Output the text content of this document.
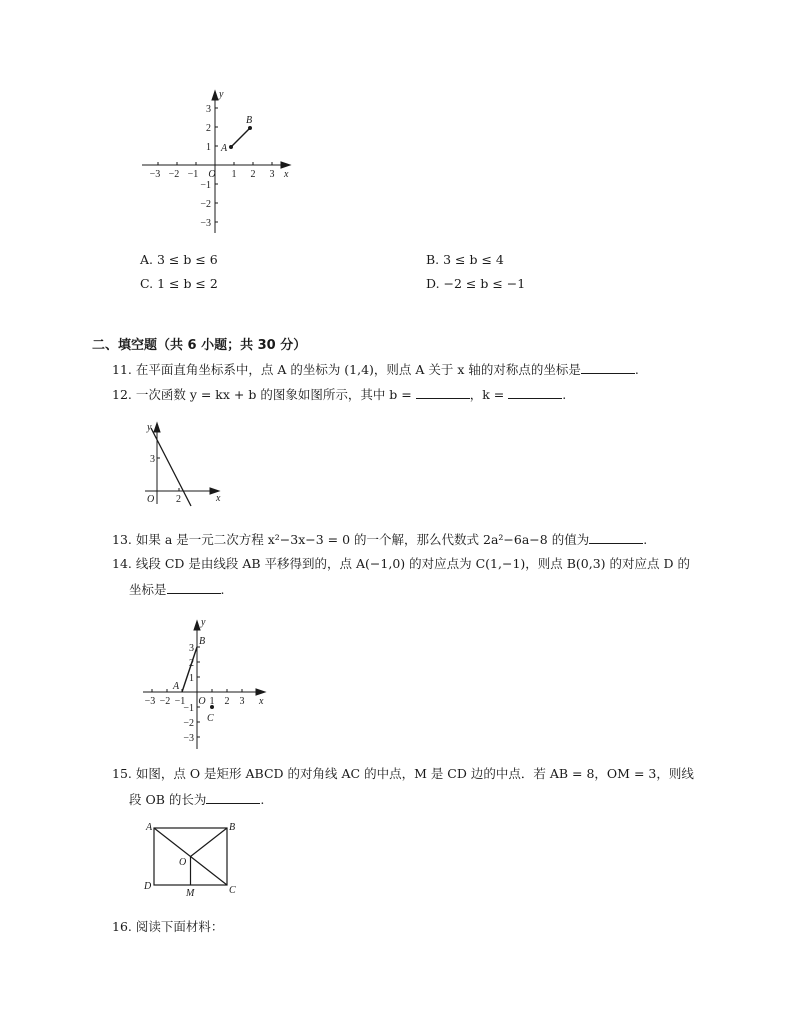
3
2
1
−1
−2
−3
−3 −2 −1	1 2 3
O	x
y
A
B
A. 3 ≤ b ≤ 6	B. 3 ≤ b ≤ 4
C. 1 ≤ b ≤ 2	D. −2 ≤ b ≤ −1
二、填空题（共 6 小题；共 30 分）
11. 在平面直角坐标系中，点 A 的坐标为 (1,4)，则点 A 关于 x 轴的对称点的坐标是	.
12. 一次函数 y = kx + b 的图象如图所示，其中 b =	，k =	.
y
x
3
2
O
13. 如果 a 是一元二次方程 x²−3x−3 = 0 的一个解，那么代数式 2a²−6a−8 的值为	.
14. 线段 CD 是由线段 AB 平移得到的，点 A(−1,0) 的对应点为 C(1,−1)，则点 B(0,3) 的对应点 D 的
坐标是	.
3
2
1
−1
−2
−3
−3 −2 −1 1 2 3
O	x
y
A
B
C
15. 如图，点 O 是矩形 ABCD 的对角线 AC 的中点，M 是 CD 边的中点．若 AB = 8，OM = 3，则线
段 OB 的长为	.
A	B
C
D
O
M
16. 阅读下面材料：
